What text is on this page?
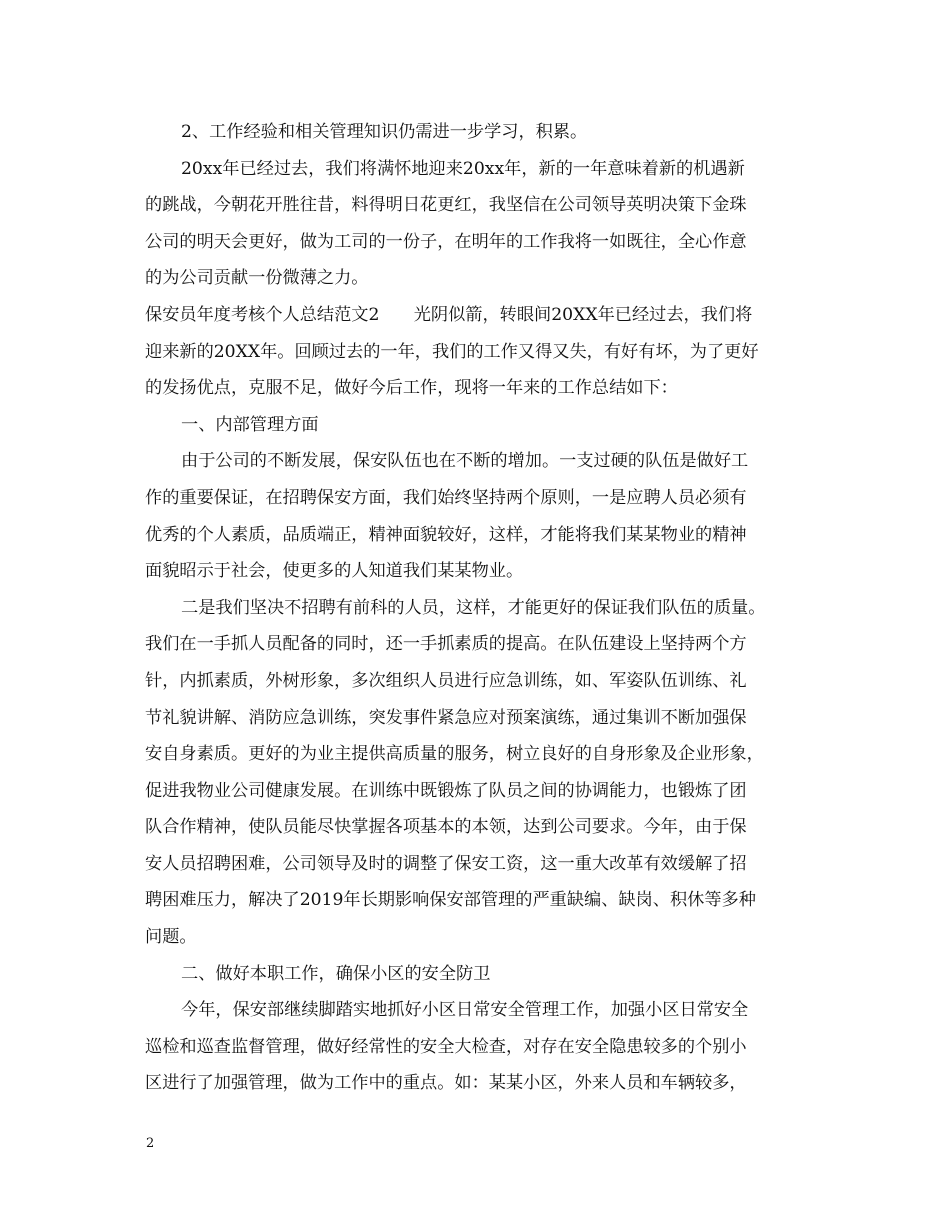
2、工作经验和相关管理知识仍需进一步学习，积累。
20xx年已经过去，我们将满怀地迎来20xx年，新的一年意味着新的机遇新
的跳战，今朝花开胜往昔，料得明日花更红，我坚信在公司领导英明决策下金珠
公司的明天会更好，做为工司的一份子，在明年的工作我将一如既往，全心作意
的为公司贡献一份微薄之力。
保安员年度考核个人总结范文2　　光阴似箭，转眼间20XX年已经过去，我们将
迎来新的20XX年。回顾过去的一年，我们的工作又得又失，有好有坏，为了更好
的发扬优点，克服不足，做好今后工作，现将一年来的工作总结如下：
一、内部管理方面
由于公司的不断发展，保安队伍也在不断的增加。一支过硬的队伍是做好工
作的重要保证，在招聘保安方面，我们始终坚持两个原则，一是应聘人员必须有
优秀的个人素质，品质端正，精神面貌较好，这样，才能将我们某某物业的精神
面貌昭示于社会，使更多的人知道我们某某物业。
二是我们坚决不招聘有前科的人员，这样，才能更好的保证我们队伍的质量。
我们在一手抓人员配备的同时，还一手抓素质的提高。在队伍建设上坚持两个方
针，内抓素质，外树形象，多次组织人员进行应急训练，如、军姿队伍训练、礼
节礼貌讲解、消防应急训练，突发事件紧急应对预案演练，通过集训不断加强保
安自身素质。更好的为业主提供高质量的服务，树立良好的自身形象及企业形象，
促进我物业公司健康发展。在训练中既锻炼了队员之间的协调能力，也锻炼了团
队合作精神，使队员能尽快掌握各项基本的本领，达到公司要求。今年，由于保
安人员招聘困难，公司领导及时的调整了保安工资，这一重大改革有效缓解了招
聘困难压力，解决了2019年长期影响保安部管理的严重缺编、缺岗、积休等多种
问题。
二、做好本职工作，确保小区的安全防卫
今年，保安部继续脚踏实地抓好小区日常安全管理工作，加强小区日常安全
巡检和巡查监督管理，做好经常性的安全大检查，对存在安全隐患较多的个别小
区进行了加强管理，做为工作中的重点。如：某某小区，外来人员和车辆较多，
2
